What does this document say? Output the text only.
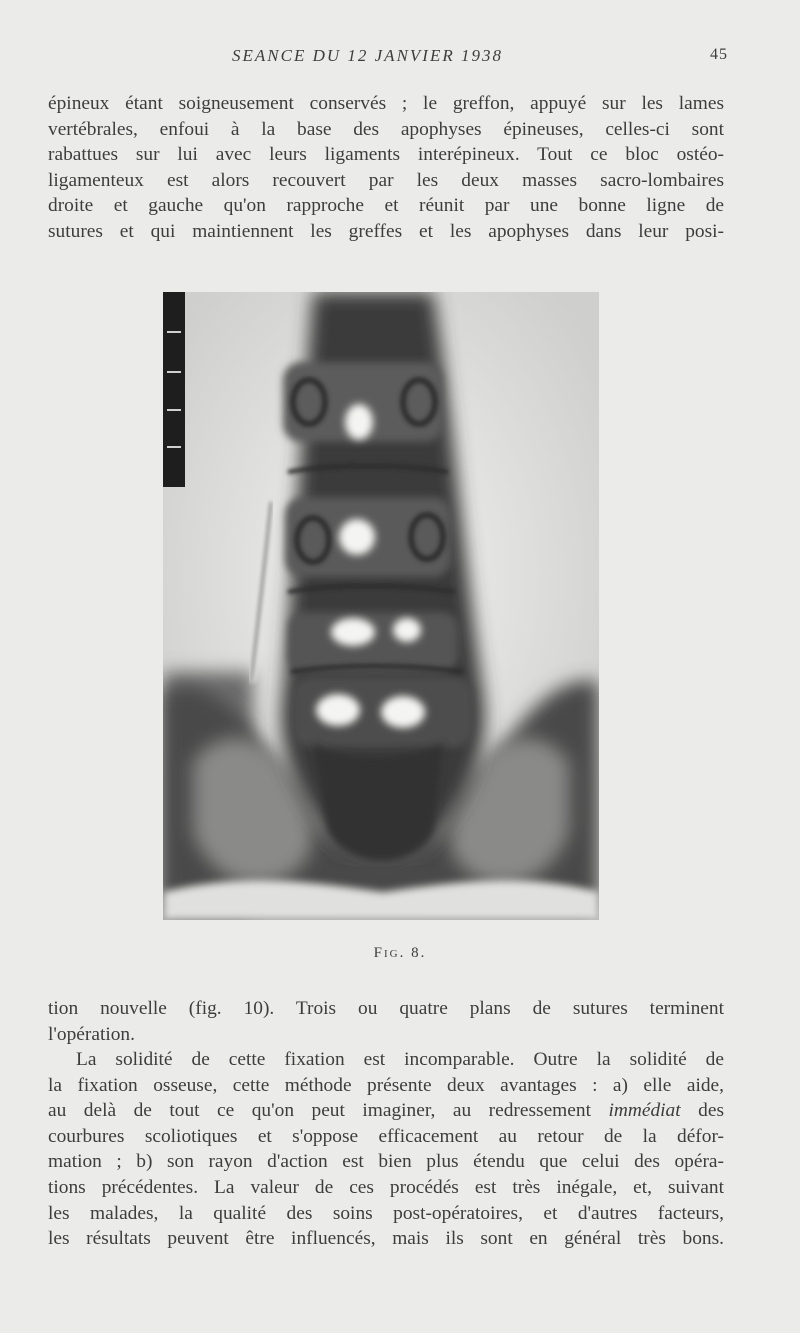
SEANCE DU 12 JANVIER 1938	45

épineux étant soigneusement conservés ; le greffon, appuyé sur les lames
vertébrales, enfoui à la base des apophyses épineuses, celles-ci sont
rabattues sur lui avec leurs ligaments interépineux. Tout ce bloc ostéo-
ligamenteux est alors recouvert par les deux masses sacro-lombaires
droite et gauche qu'on rapproche et réunit par une bonne ligne de
sutures et qui maintiennent les greffes et les apophyses dans leur posi-

Fig. 8.

tion nouvelle (fig. 10). Trois ou quatre plans de sutures terminent
l'opération.

La solidité de cette fixation est incomparable. Outre la solidité de
la fixation osseuse, cette méthode présente deux avantages : a) elle aide,
au delà de tout ce qu'on peut imaginer, au redressement immédiat des
courbures scoliotiques et s'oppose efficacement au retour de la défor-
mation ; b) son rayon d'action est bien plus étendu que celui des opéra-
tions précédentes. La valeur de ces procédés est très inégale, et, suivant
les malades, la qualité des soins post-opératoires, et d'autres facteurs,
les résultats peuvent être influencés, mais ils sont en général très bons.
